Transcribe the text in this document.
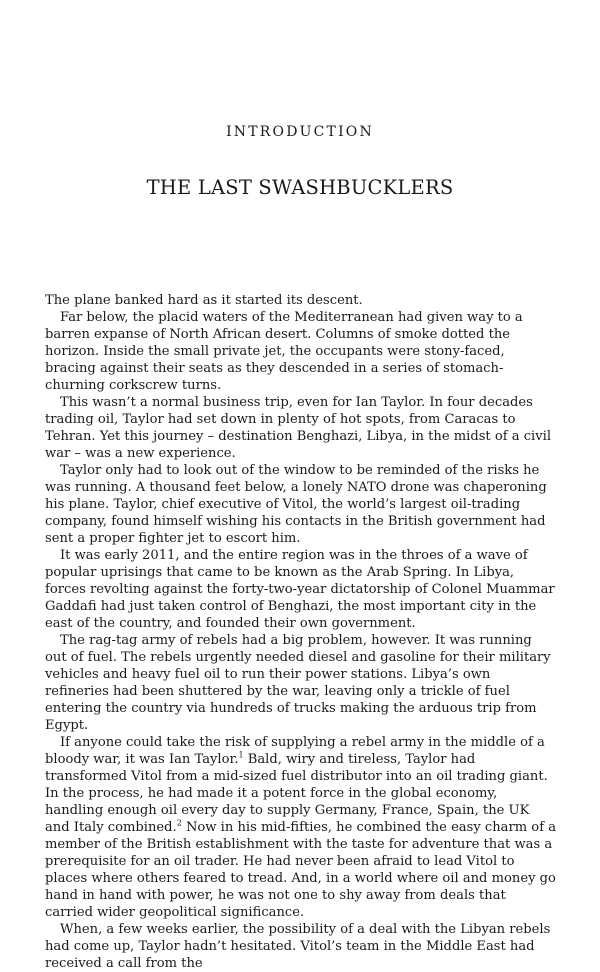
INTRODUCTION
THE LAST SWASHBUCKLERS

The plane banked hard as it started its descent.

Far below, the placid waters of the Mediterranean had given way to a barren expanse of North African desert. Columns of smoke dotted the horizon. Inside the small private jet, the occupants were stony-faced, bracing against their seats as they descended in a series of stomach-churning corkscrew turns.

This wasn’t a normal business trip, even for Ian Taylor. In four decades trading oil, Taylor had set down in plenty of hot spots, from Caracas to Tehran. Yet this journey – destination Benghazi, Libya, in the midst of a civil war – was a new experience.

Taylor only had to look out of the window to be reminded of the risks he was running. A thousand feet below, a lonely NATO drone was chaperoning his plane. Taylor, chief executive of Vitol, the world’s largest oil-trading company, found himself wishing his contacts in the British government had sent a proper fighter jet to escort him.

It was early 2011, and the entire region was in the throes of a wave of popular uprisings that came to be known as the Arab Spring. In Libya, forces revolting against the forty-two-year dictatorship of Colonel Muammar Gaddafi had just taken control of Benghazi, the most important city in the east of the country, and founded their own government.

The rag-tag army of rebels had a big problem, however. It was running out of fuel. The rebels urgently needed diesel and gasoline for their military vehicles and heavy fuel oil to run their power stations. Libya’s own refineries had been shuttered by the war, leaving only a trickle of fuel entering the country via hundreds of trucks making the arduous trip from Egypt.

If anyone could take the risk of supplying a rebel army in the middle of a bloody war, it was Ian Taylor.$^1$ Bald, wiry and tireless, Taylor had transformed Vitol from a mid-sized fuel distributor into an oil trading giant. In the process, he had made it a potent force in the global economy, handling enough oil every day to supply Germany, France, Spain, the UK and Italy combined.$^2$ Now in his mid-fifties, he combined the easy charm of a member of the British establishment with the taste for adventure that was a prerequisite for an oil trader. He had never been afraid to lead Vitol to places where others feared to tread. And, in a world where oil and money go hand in hand with power, he was not one to shy away from deals that carried wider geopolitical significance.

When, a few weeks earlier, the possibility of a deal with the Libyan rebels had come up, Taylor hadn’t hesitated. Vitol’s team in the Middle East had received a call from the
